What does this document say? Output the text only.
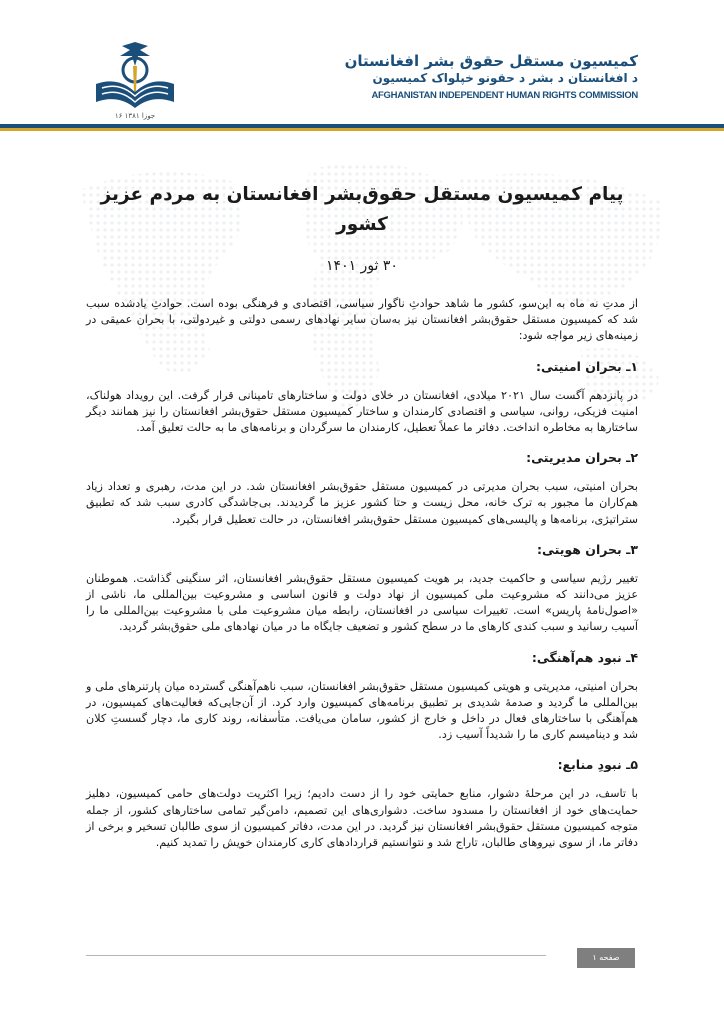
۱۶ جوزا ۱۳۸۱
کمیسیون مستقل حقوق بشر افغانستان
د افغانستان د بشر د حقونو خپلواک کمیسیون
AFGHANISTAN INDEPENDENT HUMAN RIGHTS COMMISSION
پیام کمیسیون مستقل حقوق‌بشر افغانستان به مردم عزیز کشور
۳۰ ثور ۱۴۰۱

از مدتِ نه ماه به این‌سو، کشور ما شاهد حوادثِ ناگوار سیاسی، اقتصادی و فرهنگی بوده است. حوادثِ یادشده سبب شد که کمیسیون مستقل حقوق‌بشر افغانستان نیز به‌سان سایر نهادهای رسمی دولتی و غیردولتی، با بحران عمیقی در زمینه‌های زیر مواجه شود:

۱ـ بحران امنیتی:

در پانزدهم آگست سال ۲۰۲۱ میلادی، افغانستان در خلای دولت و ساختارهای تامینانی قرار گرفت. این رویداد هولناک، امنیت فزیکی، روانی، سیاسی و اقتصادی کارمندان و ساختار کمیسیون مستقل حقوق‌بشر افغانستان را نیز همانند دیگر ساختارها به مخاطره انداخت. دفاتر ما عملاً تعطیل، کارمندان ما سرگردان و برنامه‌های ما به حالت تعلیق آمد.

۲ـ بحران مدیریتی:

بحران امنیتی، سبب بحران مدیرتی در کمیسیون مستقل حقوق‌بشر افغانستان شد. در این مدت، رهبری و تعداد زیاد هم‌کاران ما مجبور به ترک خانه، محل زیست و حتا کشور عزیز ما گردیدند. بی‌جاشدگی کادری سبب شد که تطبیق ستراتیژی، برنامه‌ها و پالیسی‌های کمیسیون مستقل حقوق‌بشر افغانستان، در حالت تعطیل قرار بگیرد.

۳ـ بحران هویتی:

تغییر رژیم سیاسی و حاکمیت جدید، بر هویت کمیسیون مستقل حقوق‌بشر افغانستان، اثر سنگینی گذاشت. هموطنان عزیز می‌دانند که مشروعیت ملی کمیسیون از نهاد دولت و قانون اساسی و مشروعیت بین‌المللی ما، ناشی از «اصول‌نامهٔ پاریس» است. تغییرات سیاسی در افغانستان، رابطه میان مشروعیت ملی با مشروعیت بین‌المللی ما را آسیب رسانید و سبب کندی کارهای ما در سطح کشور و تضعیف جایگاه ما در میان نهادهای ملی حقوق‌بشر گردید.

۴ـ نبود هم‌آهنگی:

بحران امنیتی، مدیریتی و هویتی کمیسیون مستقل حقوق‌بشر افغانستان، سبب ناهم‌آهنگی گسترده میان پارتنرهای ملی و بین‌المللی ما گردید و صدمهٔ شدیدی بر تطبیق برنامه‌های کمیسیون وارد کرد. از آن‌جایی‌که فعالیت‌های کمیسیون، در هم‌آهنگی با ساختارهای فعال در داخل و خارج از کشور، سامان می‌یافت. متأسفانه، روند کاری ما، دچار گسستِ کلان شد و دینامیسم کاری ما را شدیداً آسیب زد.

۵ـ نبودِ منابع:

با تاسف، در این مرحلهٔ دشوار، منابع حمایتی خود را از دست دادیم؛ زیرا اکثریت دولت‌های حامی کمیسیون، دهلیز حمایت‌های خود از افغانستان را مسدود ساخت. دشواری‌های این تصمیم، دامن‌گیر تمامی ساختارهای کشور، از جمله متوجه کمیسیون مستقل حقوق‌بشر افغانستان نیز گردید. در این مدت، دفاتر کمیسیون از سوی طالبان تسخیر و برخی از دفاتر ما، از سوی نیروهای طالبان، تاراج شد و نتوانستیم قراردادهای کاری کارمندان خویش را تمدید کنیم.

صفحه ۱
